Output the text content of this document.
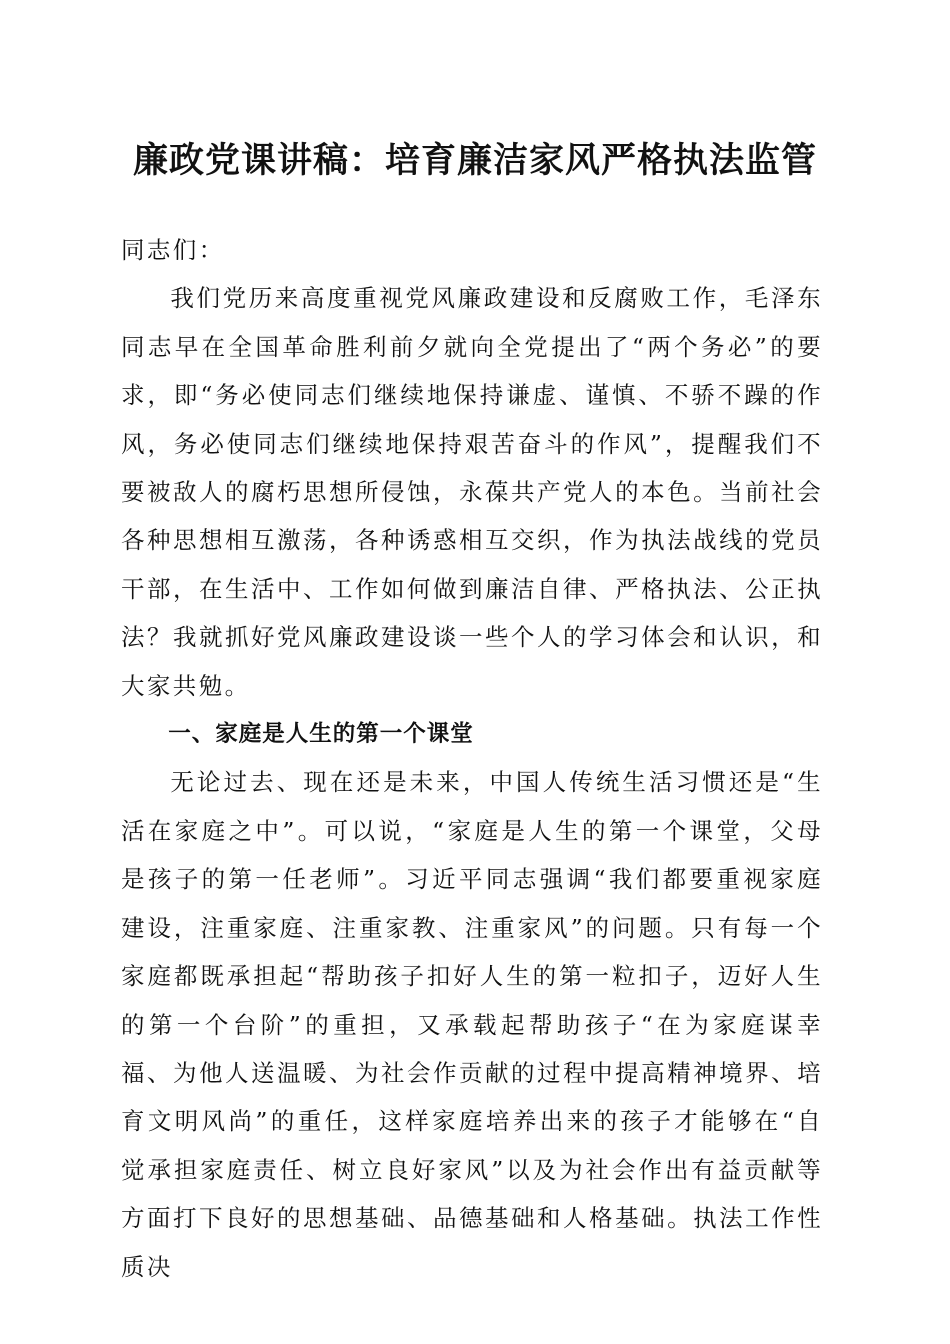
廉政党课讲稿：培育廉洁家风严格执法监管

同志们：

我们党历来高度重视党风廉政建设和反腐败工作，毛泽东同志早在全国革命胜利前夕就向全党提出了“两个务必”的要求，即“务必使同志们继续地保持谦虚、谨慎、不骄不躁的作风，务必使同志们继续地保持艰苦奋斗的作风”，提醒我们不要被敌人的腐朽思想所侵蚀，永葆共产党人的本色。当前社会各种思想相互激荡，各种诱惑相互交织，作为执法战线的党员干部，在生活中、工作如何做到廉洁自律、严格执法、公正执法？我就抓好党风廉政建设谈一些个人的学习体会和认识，和大家共勉。

一、家庭是人生的第一个课堂

无论过去、现在还是未来，中国人传统生活习惯还是“生活在家庭之中”。可以说，“家庭是人生的第一个课堂，父母是孩子的第一任老师”。习近平同志强调“我们都要重视家庭建设，注重家庭、注重家教、注重家风”的问题。只有每一个家庭都既承担起“帮助孩子扣好人生的第一粒扣子，迈好人生的第一个台阶”的重担，又承载起帮助孩子“在为家庭谋幸福、为他人送温暖、为社会作贡献的过程中提高精神境界、培育文明风尚”的重任，这样家庭培养出来的孩子才能够在“自觉承担家庭责任、树立良好家风”以及为社会作出有益贡献等方面打下良好的思想基础、品德基础和人格基础。执法工作性质决
